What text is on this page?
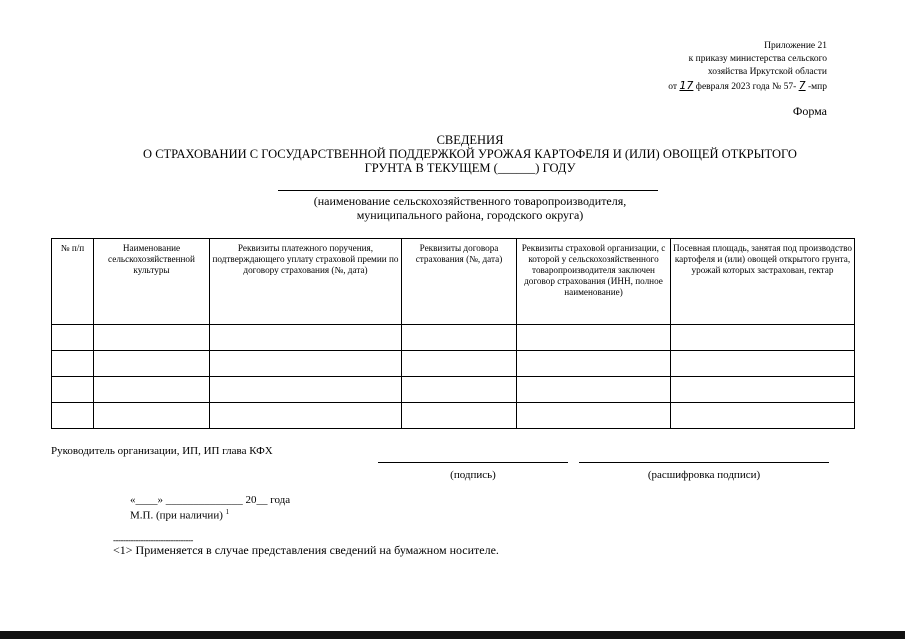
Приложение 21
к приказу министерства сельского
хозяйства Иркутской области
от 17 февраля 2023 года № 57- 7 -мпр
Форма
СВЕДЕНИЯ
О СТРАХОВАНИИ С ГОСУДАРСТВЕННОЙ ПОДДЕРЖКОЙ УРОЖАЯ КАРТОФЕЛЯ И (ИЛИ) ОВОЩЕЙ ОТКРЫТОГО
ГРУНТА В ТЕКУЩЕМ (______) ГОДУ
(наименование сельскохозяйственного товаропроизводителя,
муниципального района, городского округа)
№ п/п	Наименование сельскохозяйственной культуры	Реквизиты платежного поручения, подтверждающего уплату страховой премии по договору страхования (№, дата)	Реквизиты договора страхования (№, дата)	Реквизиты страховой организации, с которой у сельскохозяйственного товаропроизводителя заключен договор страхования (ИНН, полное наименование)	Посевная площадь, занятая под производство картофеля и (или) овощей открытого грунта, урожай которых застрахован, гектар

Руководитель организации, ИП, ИП глава КФХ
(подпись)	(расшифровка подписи)
«____» ______________ 20__ года
М.П. (при наличии) $^1$
--------------------------------
<1> Применяется в случае представления сведений на бумажном носителе.
